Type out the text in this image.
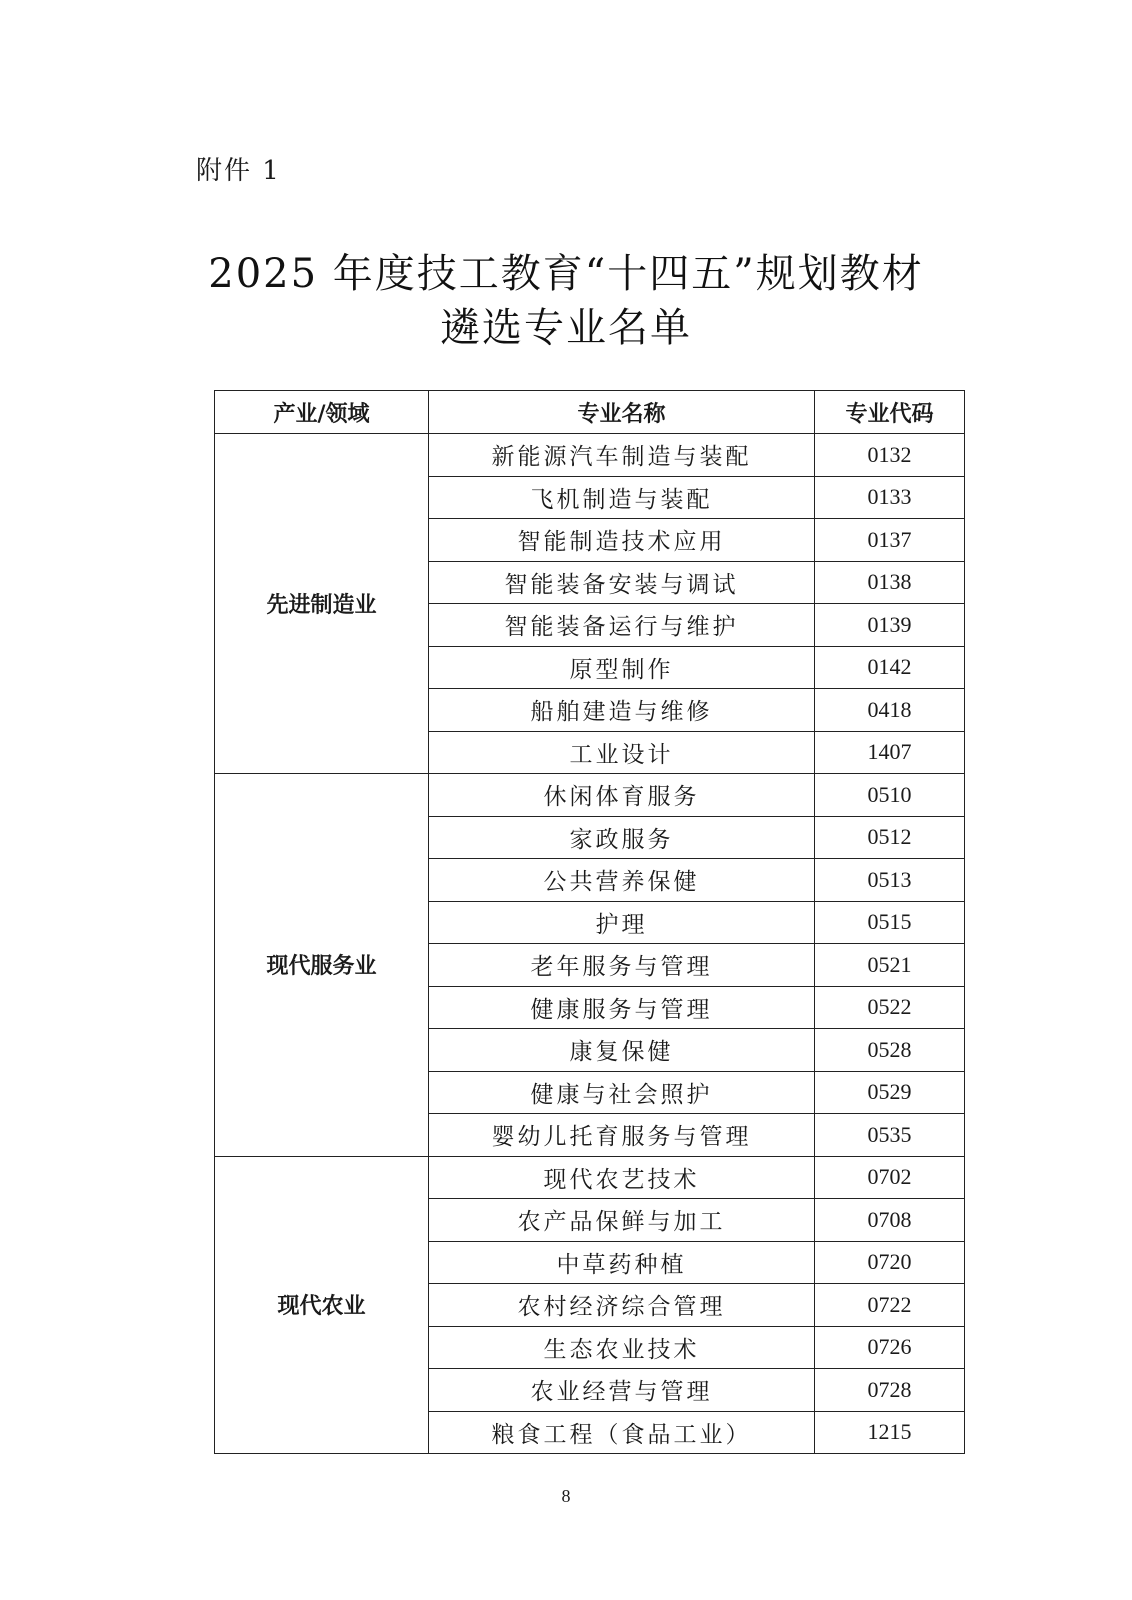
附件 1
2025 年度技工教育“十四五”规划教材
遴选专业名单
产业/领域	专业名称	专业代码
先进制造业	新能源汽车制造与装配	0132
	飞机制造与装配	0133
	智能制造技术应用	0137
	智能装备安装与调试	0138
	智能装备运行与维护	0139
	原型制作	0142
	船舶建造与维修	0418
	工业设计	1407
现代服务业	休闲体育服务	0510
	家政服务	0512
	公共营养保健	0513
	护理	0515
	老年服务与管理	0521
	健康服务与管理	0522
	康复保健	0528
	健康与社会照护	0529
	婴幼儿托育服务与管理	0535
现代农业	现代农艺技术	0702
	农产品保鲜与加工	0708
	中草药种植	0720
	农村经济综合管理	0722
	生态农业技术	0726
	农业经营与管理	0728
	粮食工程（食品工业）	1215
8
